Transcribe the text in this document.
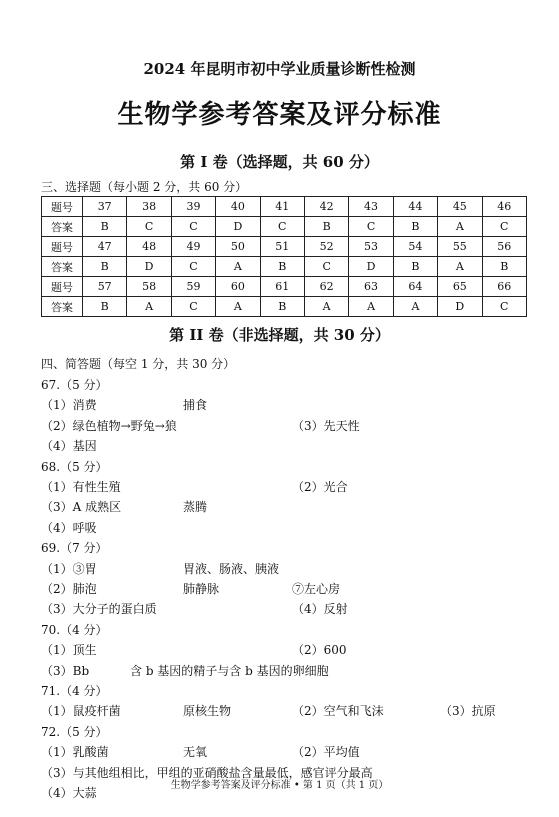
2024 年昆明市初中学业质量诊断性检测
生物学参考答案及评分标准
第 I 卷（选择题，共 60 分）
三、选择题（每小题 2 分，共 60 分）
题号	37	38	39	40	41	42	43	44	45	46
答案	B	C	C	D	C	B	C	B	A	C
题号	47	48	49	50	51	52	53	54	55	56
答案	B	D	C	A	B	C	D	B	A	B
题号	57	58	59	60	61	62	63	64	65	66
答案	B	A	C	A	B	A	A	A	D	C
第 II 卷（非选择题，共 30 分）
四、简答题（每空 1 分，共 30 分）
67.（5 分）
（1）消费	捕食
（2）绿色植物→野兔→狼	（3）先天性
（4）基因
68.（5 分）
（1）有性生殖	（2）光合
（3）A 成熟区	蒸腾
（4）呼吸
69.（7 分）
（1）③胃	胃液、肠液、胰液
（2）肺泡	肺静脉	⑦左心房
（3）大分子的蛋白质	（4）反射
70.（4 分）
（1）顶生	（2）600
（3）Bb	含 b 基因的精子与含 b 基因的卵细胞
71.（4 分）
（1）鼠疫杆菌	原核生物	（2）空气和飞沫	（3）抗原
72.（5 分）
（1）乳酸菌	无氧	（2）平均值
（3）与其他组相比，甲组的亚硝酸盐含量最低，感官评分最高
（4）大蒜
生物学参考答案及评分标准 • 第 1 页（共 1 页）
